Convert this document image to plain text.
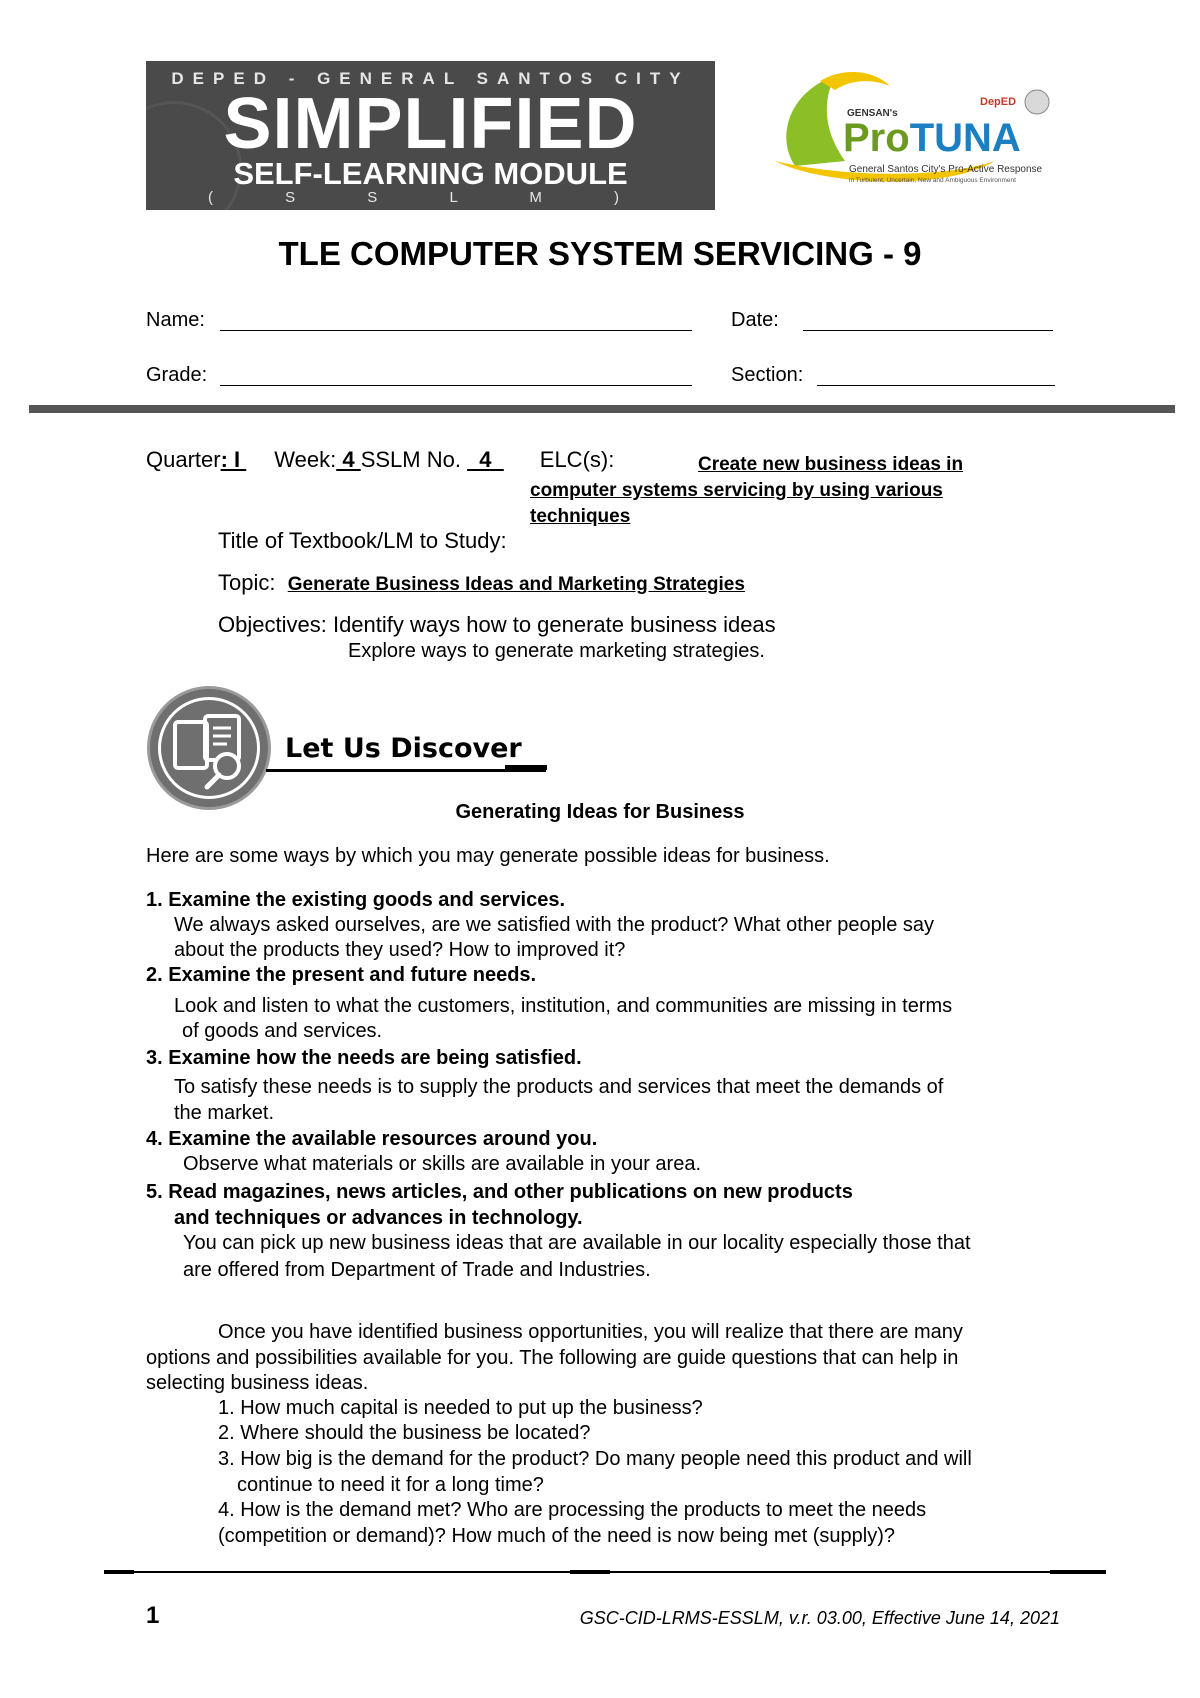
DEPED - GENERAL SANTOS CITY
SIMPLIFIED
SELF-LEARNING MODULE
( S S L M )
GENSAN's
ProTUNA
DepED
General Santos City's Pro-Active Response
in Turbulent, Uncertain, New and Ambiguous Environment
TLE COMPUTER SYSTEM SERVICING - 9
Name:	Date:
Grade:	Section:
Quarter: I Week: 4 SSLM No.   4  ELC(s):	Create new business ideas in computer systems servicing by using various techniques
Title of Textbook/LM to Study:
Topic: Generate Business Ideas and Marketing Strategies
Objectives: Identify ways how to generate business ideas
Explore ways to generate marketing strategies.
Let Us Discover
Generating Ideas for Business
Here are some ways by which you may generate possible ideas for business.
1. Examine the existing goods and services.
We always asked ourselves, are we satisfied with the product? What other people say
about the products they used? How to improved it?
2. Examine the present and future needs.
Look and listen to what the customers, institution, and communities are missing in terms
of goods and services.
3. Examine how the needs are being satisfied.
To satisfy these needs is to supply the products and services that meet the demands of
the market.
4. Examine the available resources around you.
Observe what materials or skills are available in your area.
5. Read magazines, news articles, and other publications on new products
and techniques or advances in technology.
You can pick up new business ideas that are available in our locality especially those that
are offered from Department of Trade and Industries.
Once you have identified business opportunities, you will realize that there are many
options and possibilities available for you. The following are guide questions that can help in
selecting business ideas.
1. How much capital is needed to put up the business?
2. Where should the business be located?
3. How big is the demand for the product? Do many people need this product and will
continue to need it for a long time?
4. How is the demand met? Who are processing the products to meet the needs
(competition or demand)? How much of the need is now being met (supply)?
1	GSC-CID-LRMS-ESSLM, v.r. 03.00, Effective June 14, 2021
